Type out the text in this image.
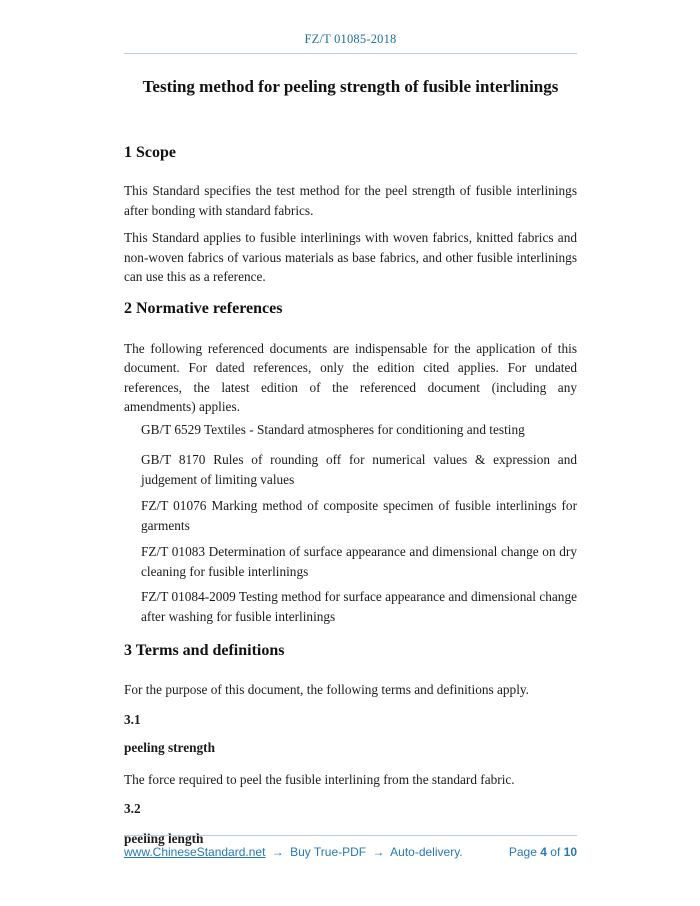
FZ/T 01085-2018
Testing method for peeling strength of fusible interlinings
1 Scope

This Standard specifies the test method for the peel strength of fusible interlinings after bonding with standard fabrics.

This Standard applies to fusible interlinings with woven fabrics, knitted fabrics and non-woven fabrics of various materials as base fabrics, and other fusible interlinings can use this as a reference.

2 Normative references

The following referenced documents are indispensable for the application of this document. For dated references, only the edition cited applies. For undated references, the latest edition of the referenced document (including any amendments) applies.

GB/T 6529 Textiles - Standard atmospheres for conditioning and testing

GB/T 8170 Rules of rounding off for numerical values & expression and judgement of limiting values

FZ/T 01076 Marking method of composite specimen of fusible interlinings for garments

FZ/T 01083 Determination of surface appearance and dimensional change on dry cleaning for fusible interlinings

FZ/T 01084-2009 Testing method for surface appearance and dimensional change after washing for fusible interlinings

3 Terms and definitions

For the purpose of this document, the following terms and definitions apply.

3.1

peeling strength

The force required to peel the fusible interlining from the standard fabric.

3.2

peeling length

www.ChineseStandard.net → Buy True-PDF → Auto-delivery.	Page 4 of 10
